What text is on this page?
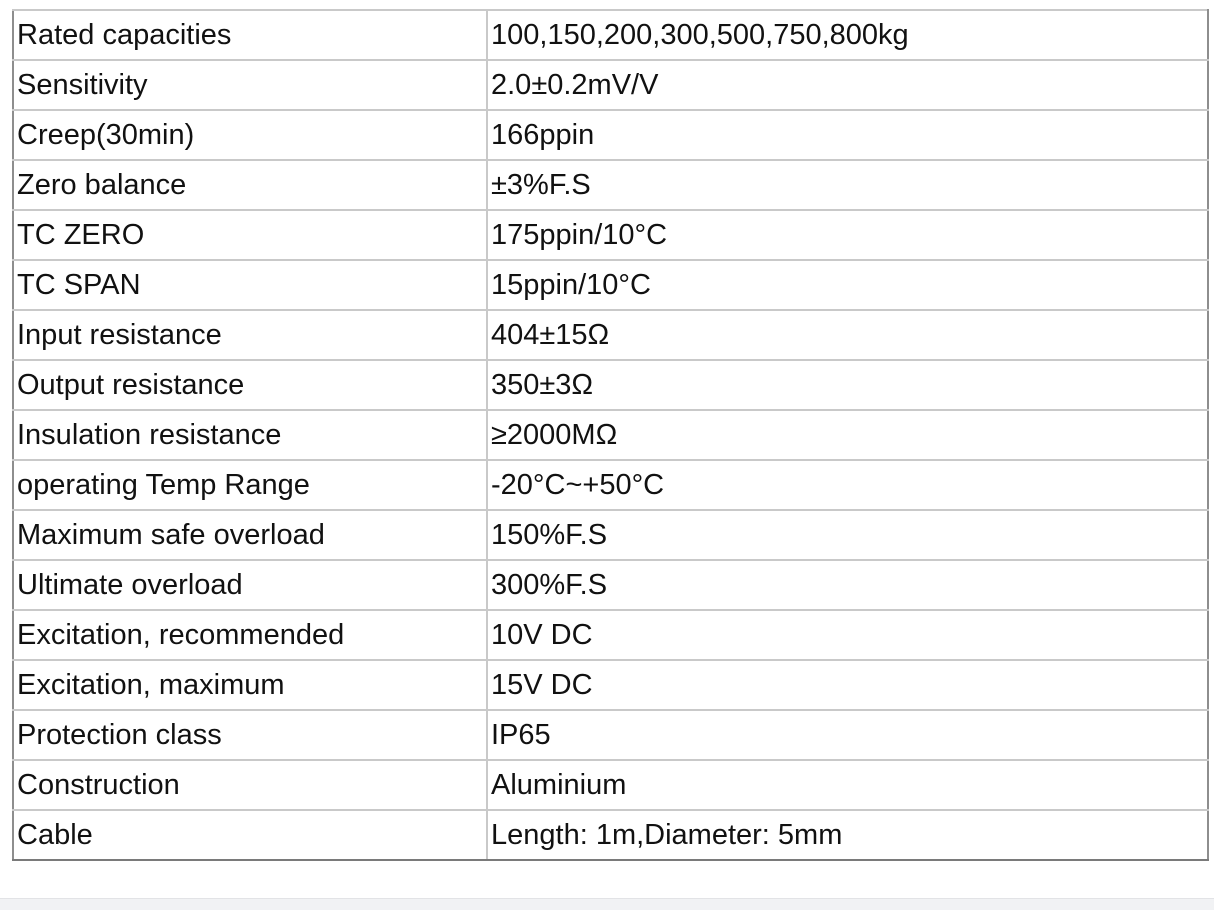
Rated capacities	100,150,200,300,500,750,800kg
Sensitivity	2.0±0.2mV/V
Creep(30min)	166ppin
Zero balance	±3%F.S
TC ZERO	175ppin/10°C
TC SPAN	15ppin/10°C
Input resistance	404±15Ω
Output resistance	350±3Ω
Insulation resistance	≥2000MΩ
operating Temp Range	-20°C~+50°C
Maximum safe overload	150%F.S
Ultimate overload	300%F.S
Excitation, recommended	10V DC
Excitation, maximum	15V DC
Protection class	IP65
Construction	Aluminium
Cable	Length: 1m,Diameter: 5mm
